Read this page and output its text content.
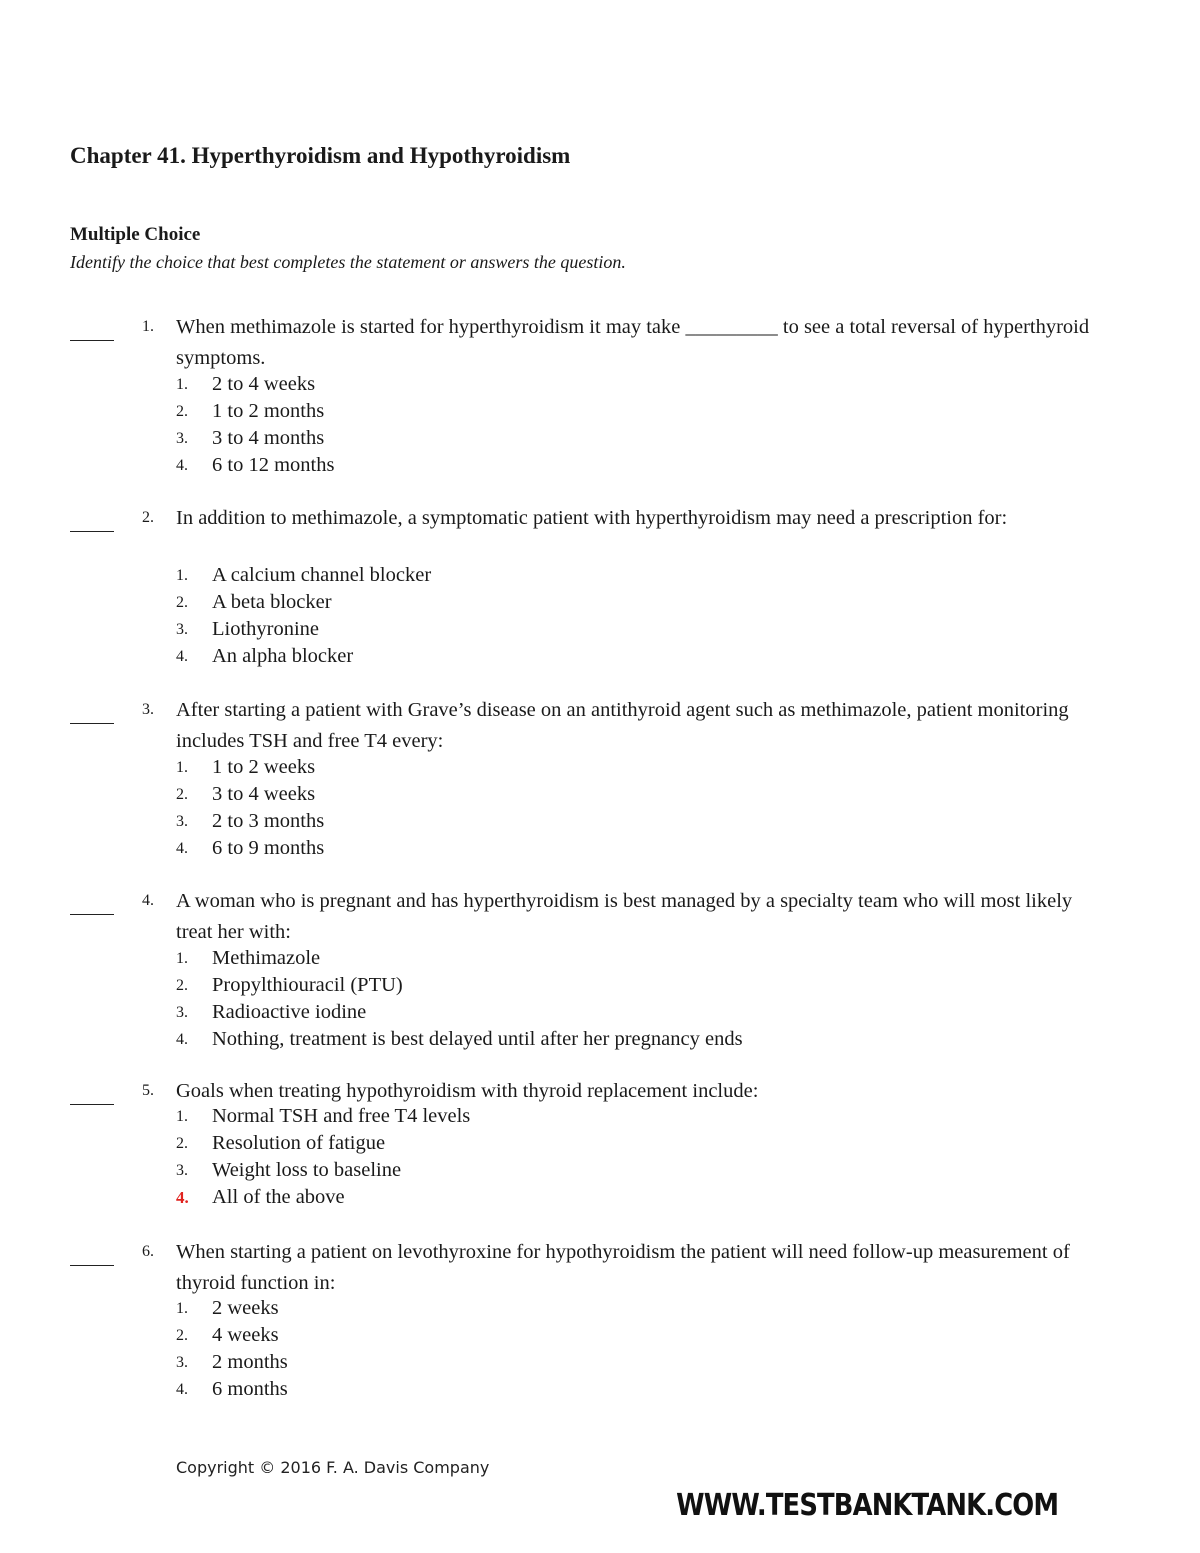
Chapter 41. Hyperthyroidism and Hypothyroidism
Multiple Choice
Identify the choice that best completes the statement or answers the question.
1. When methimazole is started for hyperthyroidism it may take _________ to see a total reversal of hyperthyroid symptoms.
1. 2 to 4 weeks
2. 1 to 2 months
3. 3 to 4 months
4. 6 to 12 months
2. In addition to methimazole, a symptomatic patient with hyperthyroidism may need a prescription for:
1. A calcium channel blocker
2. A beta blocker
3. Liothyronine
4. An alpha blocker
3. After starting a patient with Grave’s disease on an antithyroid agent such as methimazole, patient monitoring includes TSH and free T4 every:
1. 1 to 2 weeks
2. 3 to 4 weeks
3. 2 to 3 months
4. 6 to 9 months
4. A woman who is pregnant and has hyperthyroidism is best managed by a specialty team who will most likely treat her with:
1. Methimazole
2. Propylthiouracil (PTU)
3. Radioactive iodine
4. Nothing, treatment is best delayed until after her pregnancy ends
5. Goals when treating hypothyroidism with thyroid replacement include:
1. Normal TSH and free T4 levels
2. Resolution of fatigue
3. Weight loss to baseline
4. All of the above
6. When starting a patient on levothyroxine for hypothyroidism the patient will need follow-up measurement of thyroid function in:
1. 2 weeks
2. 4 weeks
3. 2 months
4. 6 months
Copyright © 2016 F. A. Davis Company
WWW.TESTBANKTANK.COM
